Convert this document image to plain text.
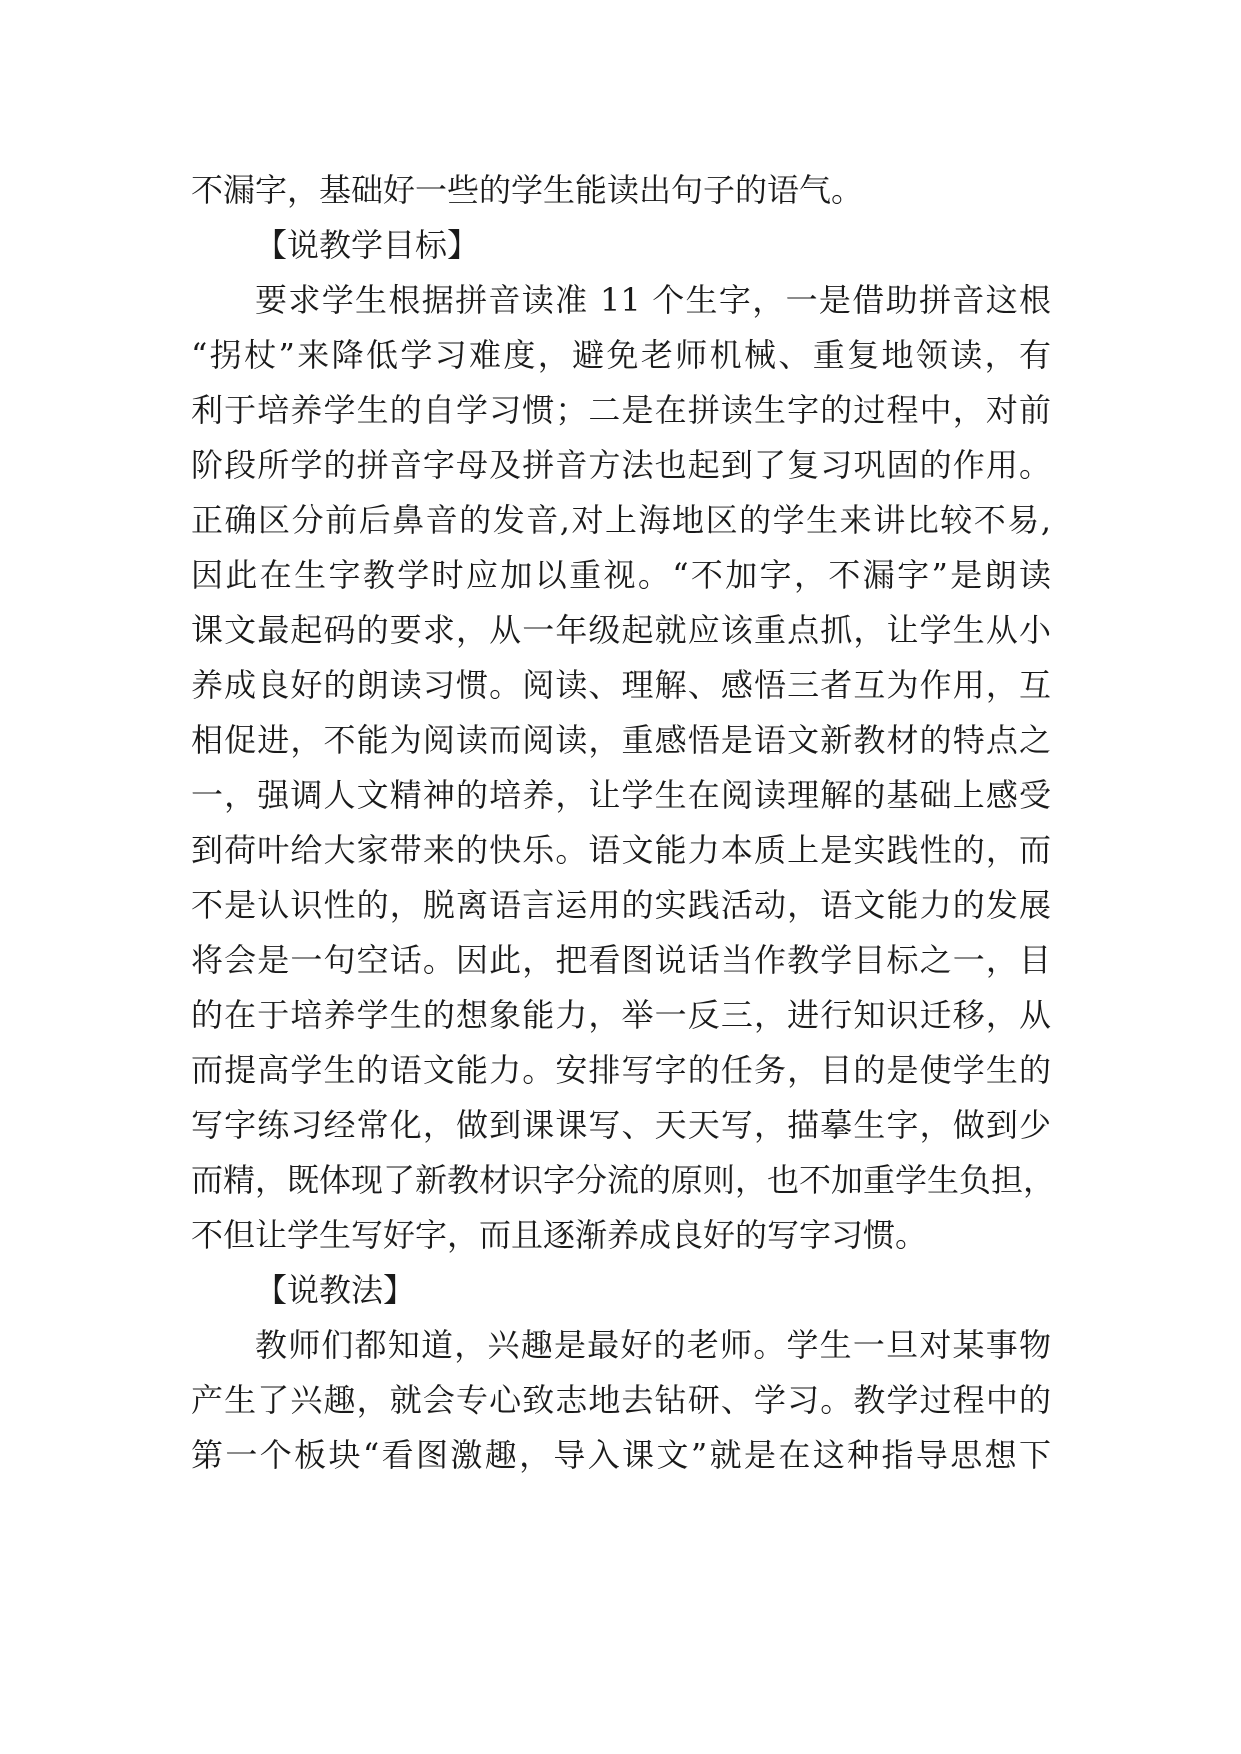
不漏字，基础好一些的学生能读出句子的语气。
【说教学目标】
要求学生根据拼音读准 11 个生字，一是借助拼音这根
“拐杖”来降低学习难度，避免老师机械、重复地领读，有
利于培养学生的自学习惯；二是在拼读生字的过程中，对前
阶段所学的拼音字母及拼音方法也起到了复习巩固的作用。
正确区分前后鼻音的发音,对上海地区的学生来讲比较不易,
因此在生字教学时应加以重视。“不加字，不漏字”是朗读
课文最起码的要求，从一年级起就应该重点抓，让学生从小
养成良好的朗读习惯。阅读、理解、感悟三者互为作用，互
相促进，不能为阅读而阅读，重感悟是语文新教材的特点之
一，强调人文精神的培养，让学生在阅读理解的基础上感受
到荷叶给大家带来的快乐。语文能力本质上是实践性的，而
不是认识性的，脱离语言运用的实践活动，语文能力的发展
将会是一句空话。因此，把看图说话当作教学目标之一，目
的在于培养学生的想象能力，举一反三，进行知识迁移，从
而提高学生的语文能力。安排写字的任务，目的是使学生的
写字练习经常化，做到课课写、天天写，描摹生字，做到少
而精，既体现了新教材识字分流的原则，也不加重学生负担，
不但让学生写好字，而且逐渐养成良好的写字习惯。
【说教法】
教师们都知道，兴趣是最好的老师。学生一旦对某事物
产生了兴趣，就会专心致志地去钻研、学习。教学过程中的
第一个板块“看图激趣，导入课文”就是在这种指导思想下
